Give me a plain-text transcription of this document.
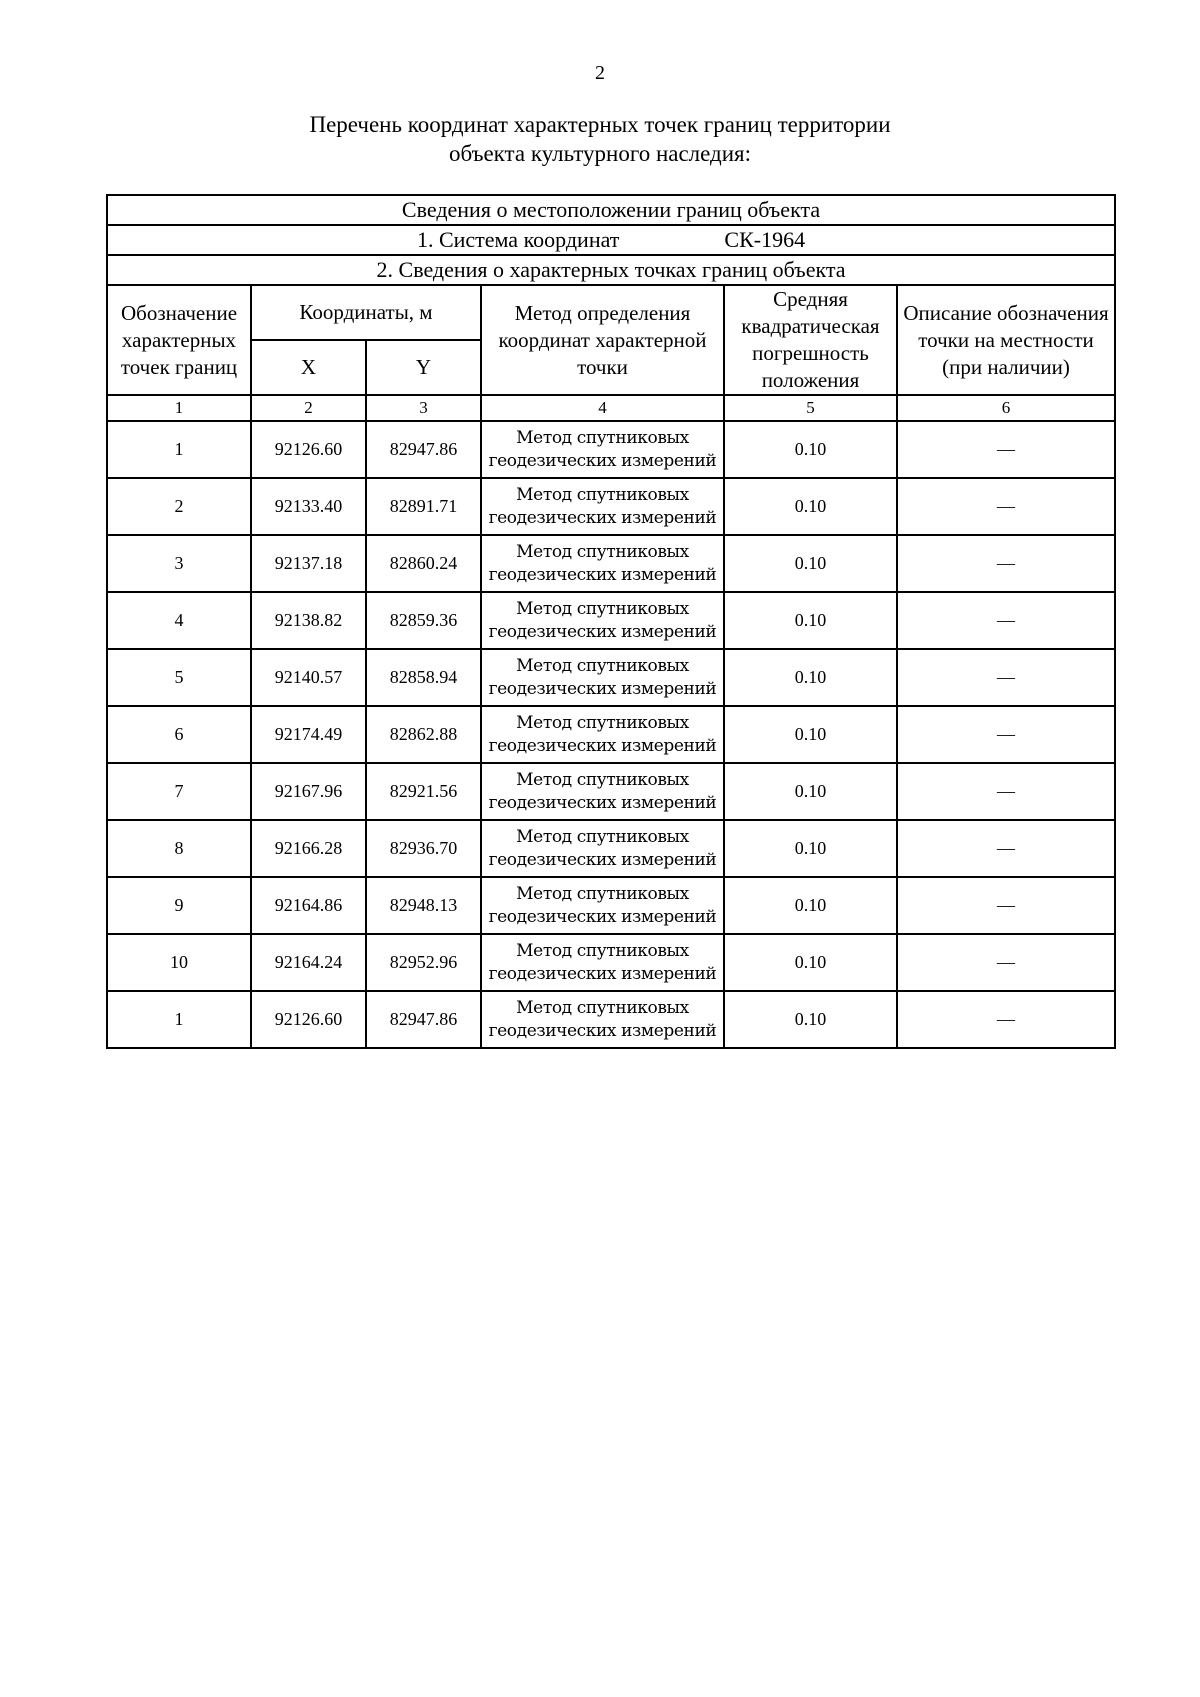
2
Перечень координат характерных точек границ территории
объекта культурного наследия:
Сведения о местоположении границ объекта					
1. Система координат СК-1964					
2. Сведения о характерных точках границ объекта					
Обозначение характерных точек границ	Координаты, м		Метод определения координат характерной точки	Средняя квадратическая погрешность положения	Описание обозначения точки на местности (при наличии)
	X	Y			
1	2	3	4	5	6
1	92126.60	82947.86	Метод спутниковых геодезических измерений	0.10	—
2	92133.40	82891.71	Метод спутниковых геодезических измерений	0.10	—
3	92137.18	82860.24	Метод спутниковых геодезических измерений	0.10	—
4	92138.82	82859.36	Метод спутниковых геодезических измерений	0.10	—
5	92140.57	82858.94	Метод спутниковых геодезических измерений	0.10	—
6	92174.49	82862.88	Метод спутниковых геодезических измерений	0.10	—
7	92167.96	82921.56	Метод спутниковых геодезических измерений	0.10	—
8	92166.28	82936.70	Метод спутниковых геодезических измерений	0.10	—
9	92164.86	82948.13	Метод спутниковых геодезических измерений	0.10	—
10	92164.24	82952.96	Метод спутниковых геодезических измерений	0.10	—
1	92126.60	82947.86	Метод спутниковых геодезических измерений	0.10	—
